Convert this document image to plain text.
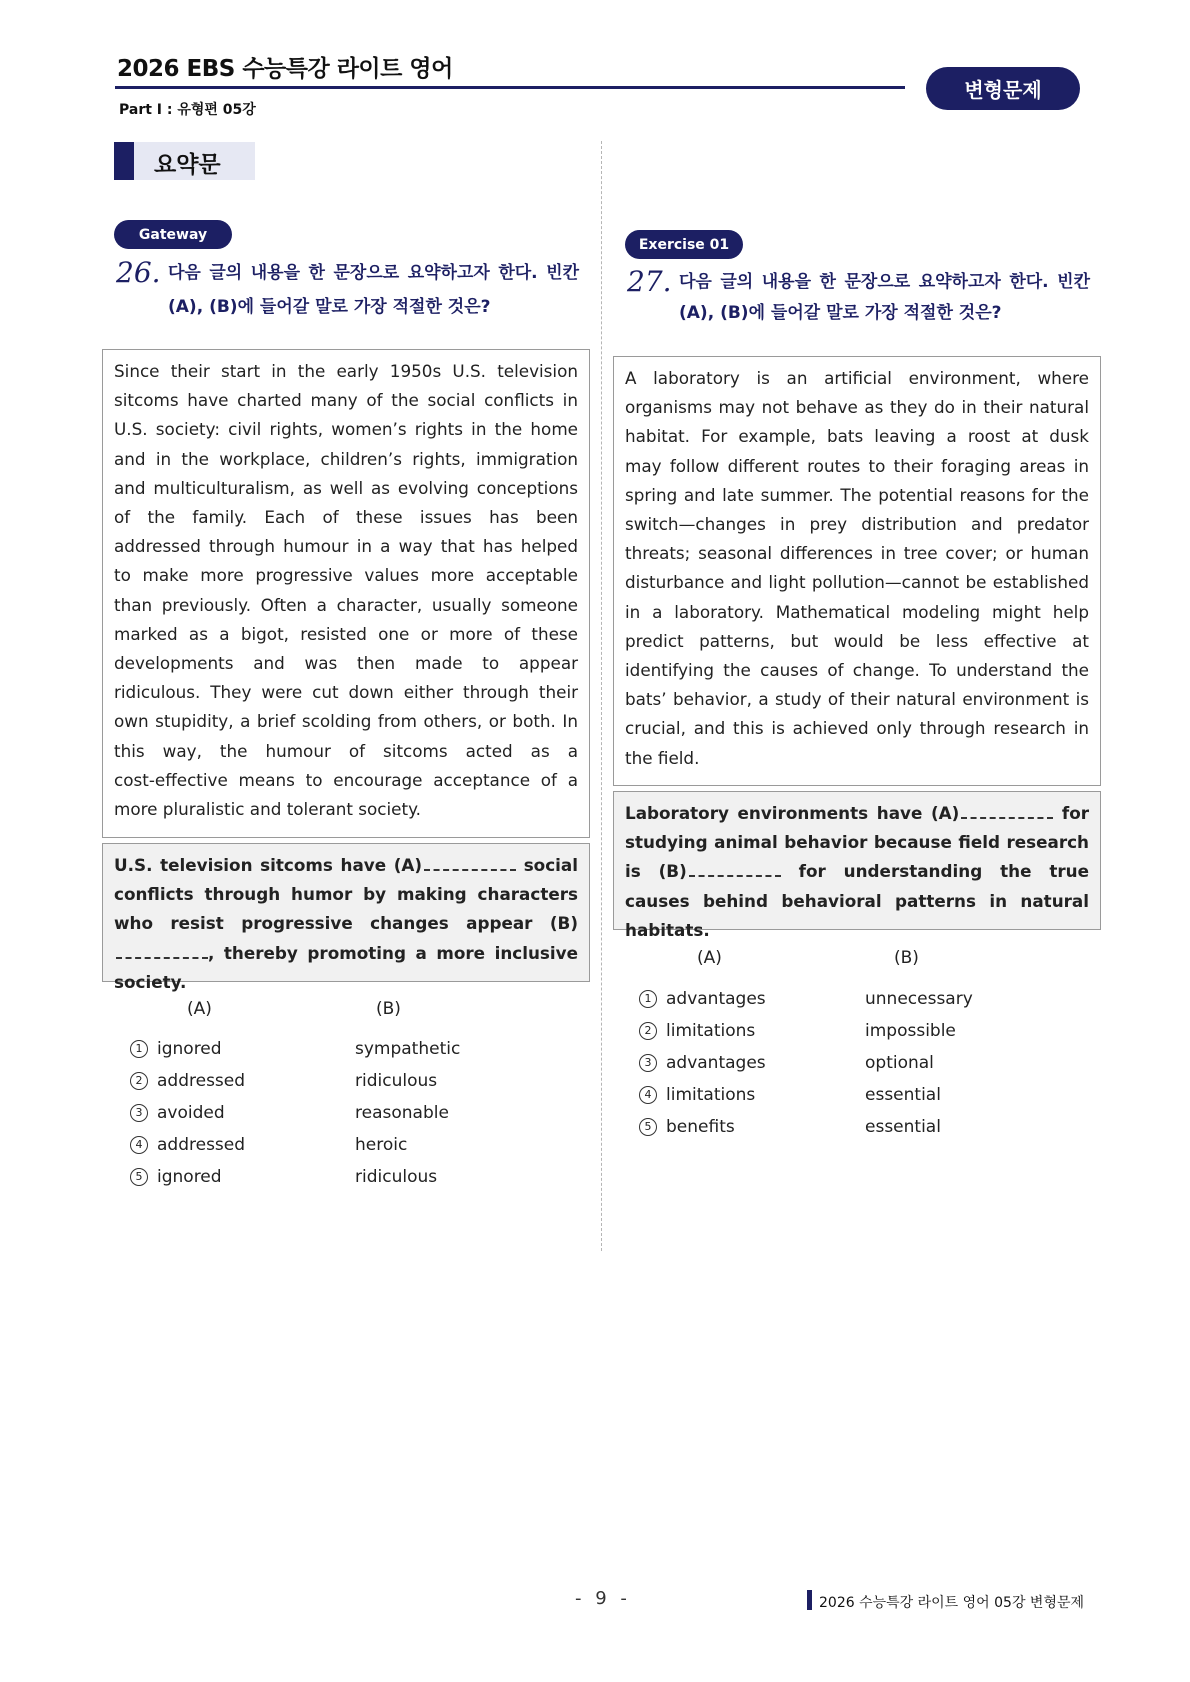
2026 EBS 수능특강 라이트 영어
변형문제
Part Ⅰ : 유형편 05강
요약문
Gateway
26. 다음 글의 내용을 한 문장으로 요약하고자 한다. 빈칸
(A), (B)에 들어갈 말로 가장 적절한 것은?
Since their start in the early 1950s U.S. television
sitcoms have charted many of the social conflicts in
U.S. society: civil rights, women’s rights in the home
and in the workplace, children’s rights, immigration
and multiculturalism, as well as evolving conceptions
of the family. Each of these issues has been
addressed through humour in a way that has helped
to make more progressive values more acceptable
than previously. Often a character, usually someone
marked as a bigot, resisted one or more of these
developments and was then made to appear
ridiculous. They were cut down either through their
own stupidity, a brief scolding from others, or both. In
this way, the humour of sitcoms acted as a
cost-effective means to encourage acceptance of a
more pluralistic and tolerant society.
U.S. television sitcoms have (A)	social conflicts through humor by making characters who resist progressive changes appear (B), thereby promoting a more inclusive society.
(A)	(B)
1 ignored	sympathetic
2 addressed	ridiculous
3 avoided	reasonable
4 addressed	heroic
5 ignored	ridiculous
Exercise 01
27. 다음 글의 내용을 한 문장으로 요약하고자 한다. 빈칸
(A), (B)에 들어갈 말로 가장 적절한 것은?
A laboratory is an artificial environment, where
organisms may not behave as they do in their natural
habitat. For example, bats leaving a roost at dusk
may follow different routes to their foraging areas in
spring and late summer. The potential reasons for the
switch—changes in prey distribution and predator
threats; seasonal differences in tree cover; or human
disturbance and light pollution—cannot be established
in a laboratory. Mathematical modeling might help
predict patterns, but would be less effective at
identifying the causes of change. To understand the
bats’ behavior, a study of their natural environment is
crucial, and this is achieved only through research in
the field.
Laboratory environments have (A)	for studying animal behavior because field research is (B)	for understanding the true causes behind behavioral patterns in natural habitats.
(A)	(B)
1 advantages	unnecessary
2 limitations	impossible
3 advantages	optional
4 limitations	essential
5 benefits	essential
- 9 -	2026 수능특강 라이트 영어 05강 변형문제
